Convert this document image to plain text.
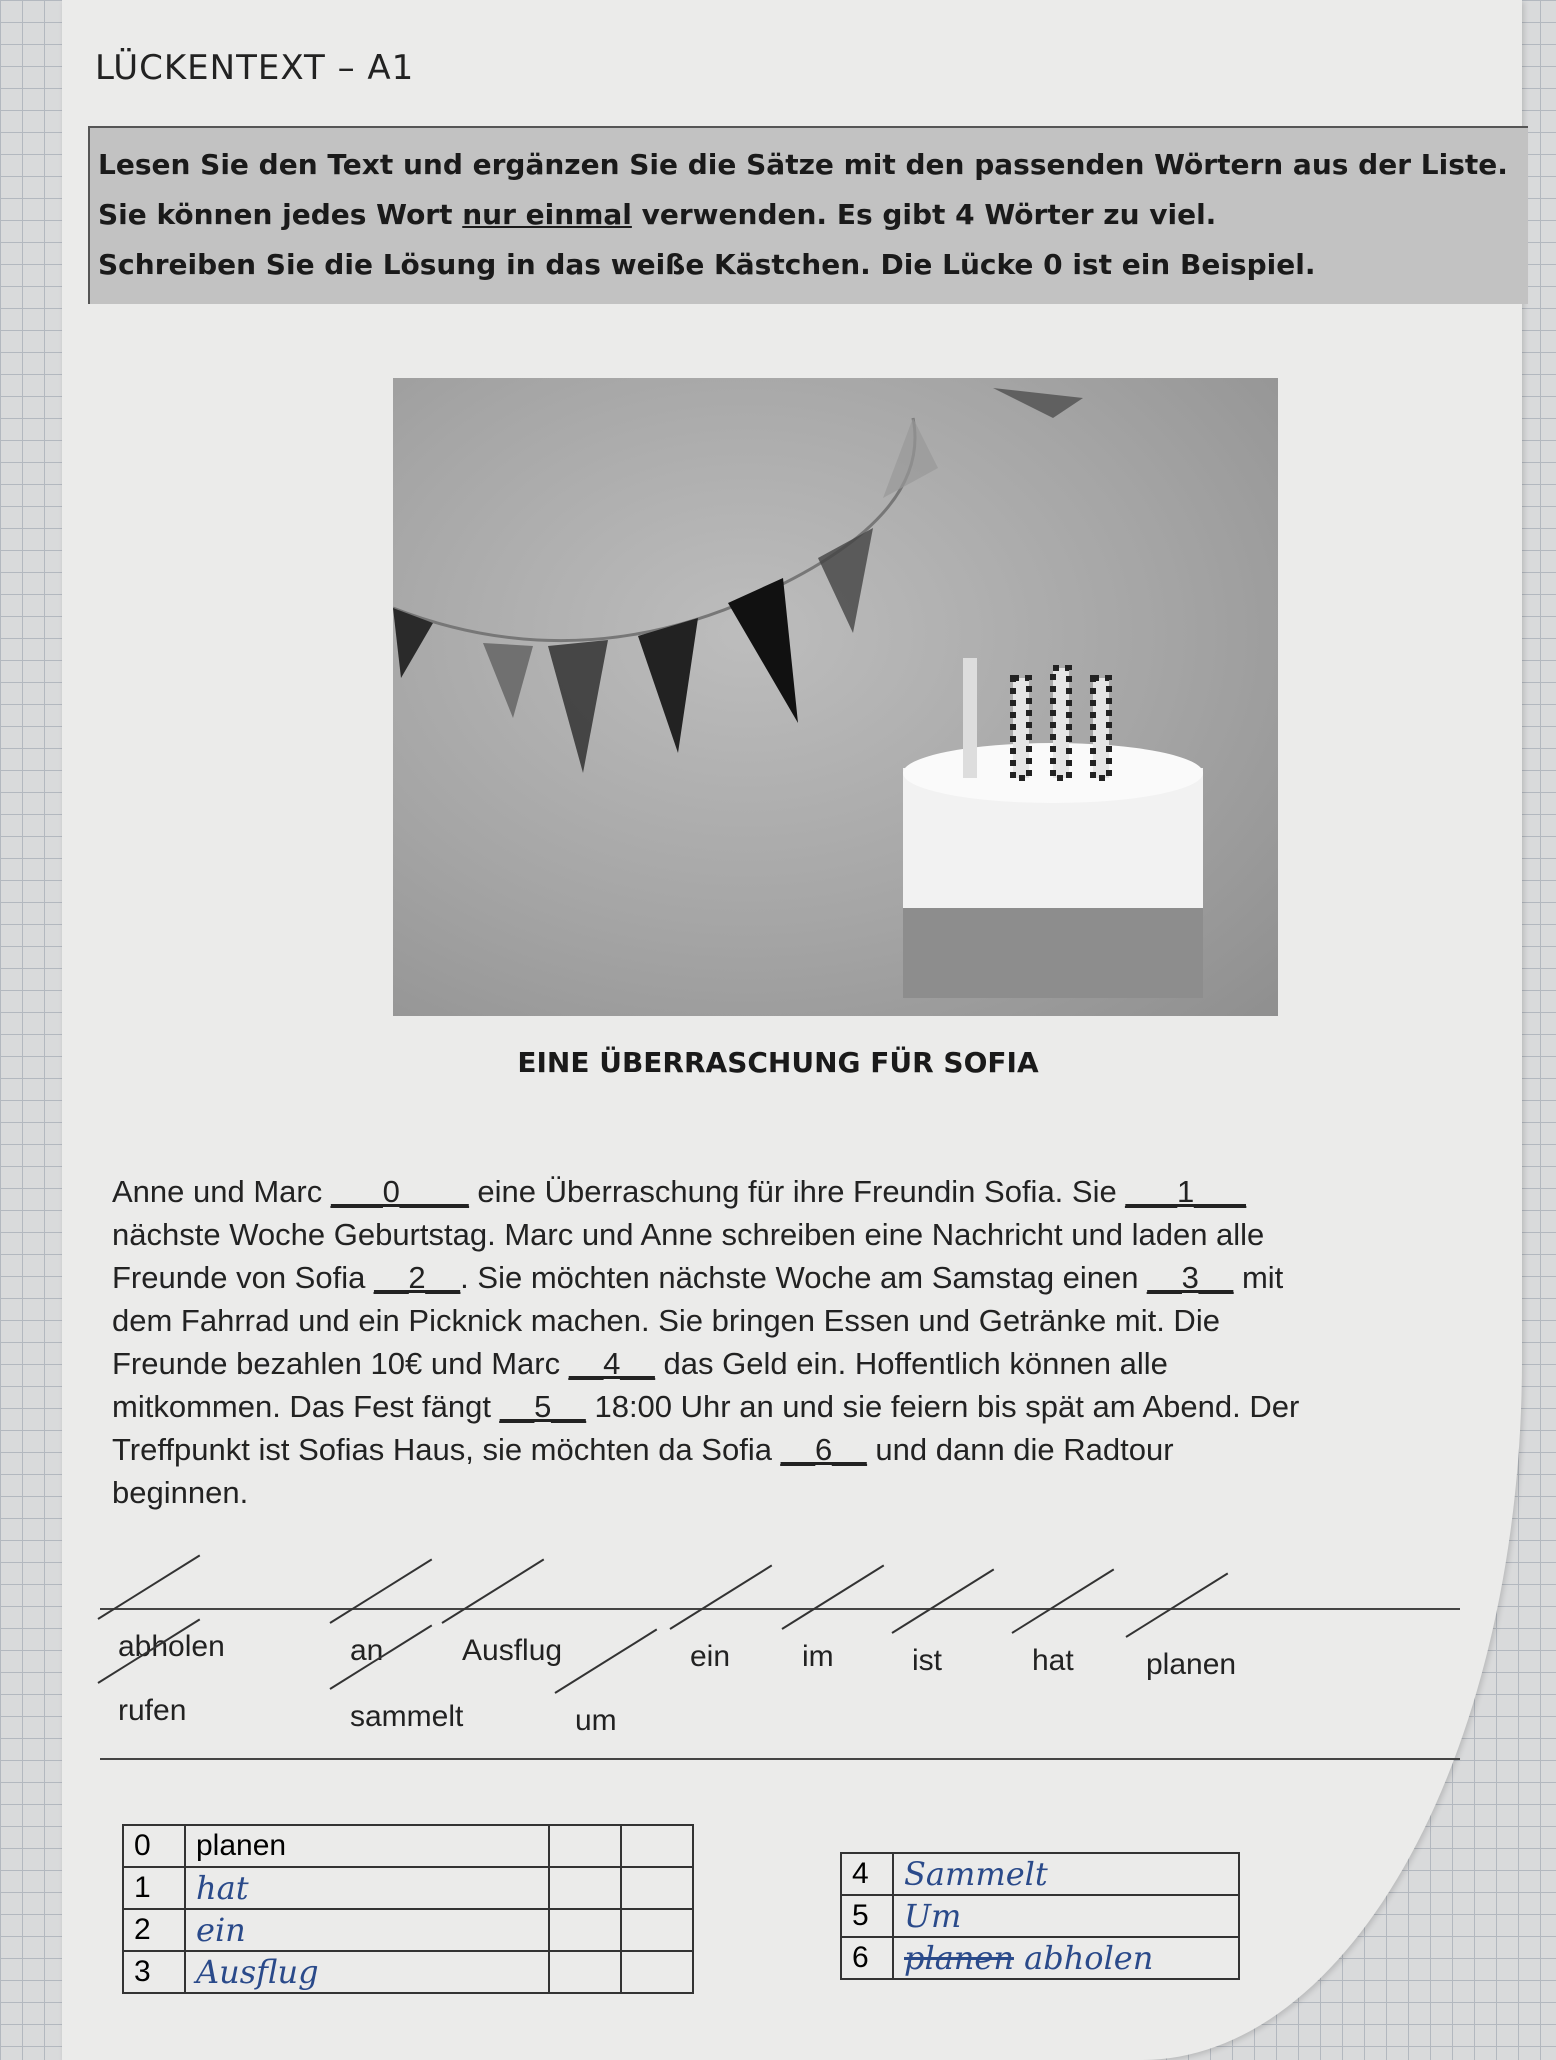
LÜCKENTEXT – A1
Lesen Sie den Text und ergänzen Sie die Sätze mit den passenden Wörtern aus der Liste.
Sie können jedes Wort nur einmal verwenden. Es gibt 4 Wörter zu viel.
Schreiben Sie die Lösung in das weiße Kästchen. Die Lücke 0 ist ein Beispiel.
EINE ÜBERRASCHUNG FÜR SOFIA

Anne und Marc ___0____ eine Überraschung für ihre Freundin Sofia. Sie ___1___

nächste Woche Geburtstag. Marc und Anne schreiben eine Nachricht und laden alle

Freunde von Sofia __2__. Sie möchten nächste Woche am Samstag einen __3__ mit

dem Fahrrad und ein Picknick machen. Sie bringen Essen und Getränke mit. Die

Freunde bezahlen 10€ und Marc __4__ das Geld ein. Hoffentlich können alle

mitkommen. Das Fest fängt __5__ 18:00 Uhr an und sie feiern bis spät am Abend. Der

Treffpunkt ist Sofias Haus, sie möchten da Sofia __6__ und dann die Radtour

beginnen.

abholen	an	Ausflug	ein im	ist	hat planen
rufen	sammelt	um
0	planen		
1	hat		
2	ein		
3	Ausflug		
4	Sammelt
5	Um
6	planen abholen
